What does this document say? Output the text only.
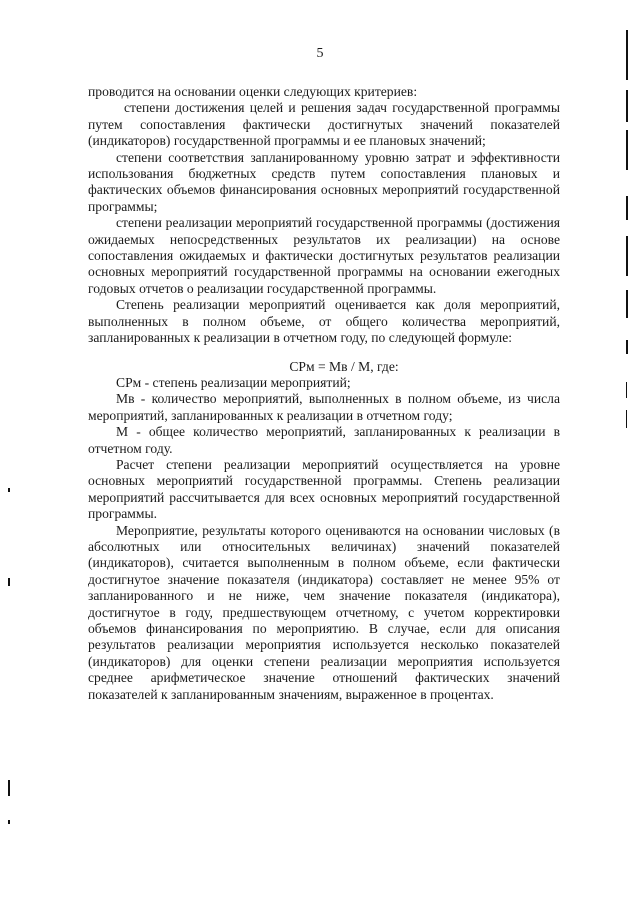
5

проводится на основании оценки следующих критериев:

степени достижения целей и решения задач государственной программы путем сопоставления фактически достигнутых значений показателей (индикаторов) государственной программы и ее плановых значений;

степени соответствия запланированному уровню затрат и эффективности использования бюджетных средств путем сопоставления плановых и фактических объемов финансирования основных мероприятий государственной программы;

степени реализации мероприятий государственной программы (достижения ожидаемых непосредственных результатов их реализации) на основе сопоставления ожидаемых и фактически достигнутых результатов реализации основных мероприятий государственной программы на основании ежегодных годовых отчетов о реализации государственной программы.

Степень реализации мероприятий оценивается как доля мероприятий, выполненных в полном объеме, от общего количества мероприятий, запланированных к реализации в отчетном году, по следующей формуле:

СРм = Мв / М, где:

СРм - степень реализации мероприятий;

Мв - количество мероприятий, выполненных в полном объеме, из числа мероприятий, запланированных к реализации в отчетном году;

М - общее количество мероприятий, запланированных к реализации в отчетном году.

Расчет степени реализации мероприятий осуществляется на уровне основных мероприятий государственной программы. Степень реализации мероприятий рассчитывается для всех основных мероприятий государственной программы.

Мероприятие, результаты которого оцениваются на основании числовых (в абсолютных или относительных величинах) значений показателей (индикаторов), считается выполненным в полном объеме, если фактически достигнутое значение показателя (индикатора) составляет не менее 95% от запланированного и не ниже, чем значение показателя (индикатора), достигнутое в году, предшествующем отчетному, с учетом корректировки объемов финансирования по мероприятию. В случае, если для описания результатов реализации мероприятия используется несколько показателей (индикаторов) для оценки степени реализации мероприятия используется среднее арифметическое значение отношений фактических значений показателей к запланированным значениям, выраженное в процентах.
